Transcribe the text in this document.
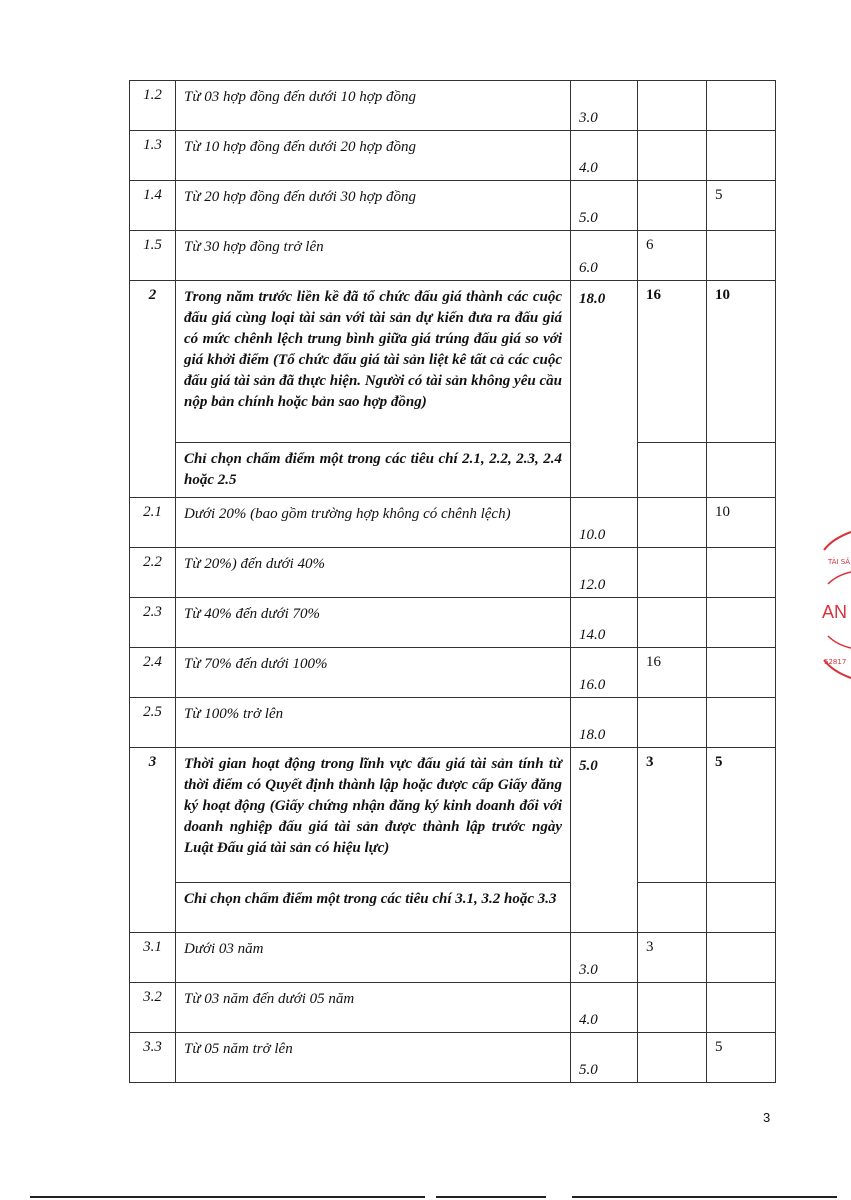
1.2	Từ 03 hợp đồng đến dưới 10 hợp đồng	3.0		
1.3	Từ 10 hợp đồng đến dưới 20 hợp đồng	4.0		
1.4	Từ 20 hợp đồng đến dưới 30 hợp đồng	5.0		5
1.5	Từ 30 hợp đồng trở lên	6.0	6	
2	Trong năm trước liền kề đã tổ chức đấu giá thành các cuộc đấu giá cùng loại tài sản với tài sản dự kiến đưa ra đấu giá có mức chênh lệch trung bình giữa giá trúng đấu giá so với giá khởi điểm (Tổ chức đấu giá tài sản liệt kê tất cả các cuộc đấu giá tài sản đã thực hiện. Người có tài sản không yêu cầu nộp bản chính hoặc bản sao hợp đồng)	18.0	16	10
	Chỉ chọn chấm điểm một trong các tiêu chí 2.1, 2.2, 2.3, 2.4 hoặc 2.5			
2.1	Dưới 20% (bao gồm trường hợp không có chênh lệch)	10.0		10
2.2	Từ 20%) đến dưới 40%	12.0		
2.3	Từ 40% đến dưới 70%	14.0		
2.4	Từ 70% đến dưới 100%	16.0	16	
2.5	Từ 100% trở lên	18.0		
3	Thời gian hoạt động trong lĩnh vực đấu giá tài sản tính từ thời điểm có Quyết định thành lập hoặc được cấp Giấy đăng ký hoạt động (Giấy chứng nhận đăng ký kinh doanh đối với doanh nghiệp đấu giá tài sản được thành lập trước ngày Luật Đấu giá tài sản có hiệu lực)	5.0	3	5
	Chỉ chọn chấm điểm một trong các tiêu chí 3.1, 3.2 hoặc 3.3			
3.1	Dưới 03 năm	3.0	3	
3.2	Từ 03 năm đến dưới 05 năm	4.0		
3.3	Từ 05 năm trở lên	5.0		5
TÀI SẢ
AN
52817
3
